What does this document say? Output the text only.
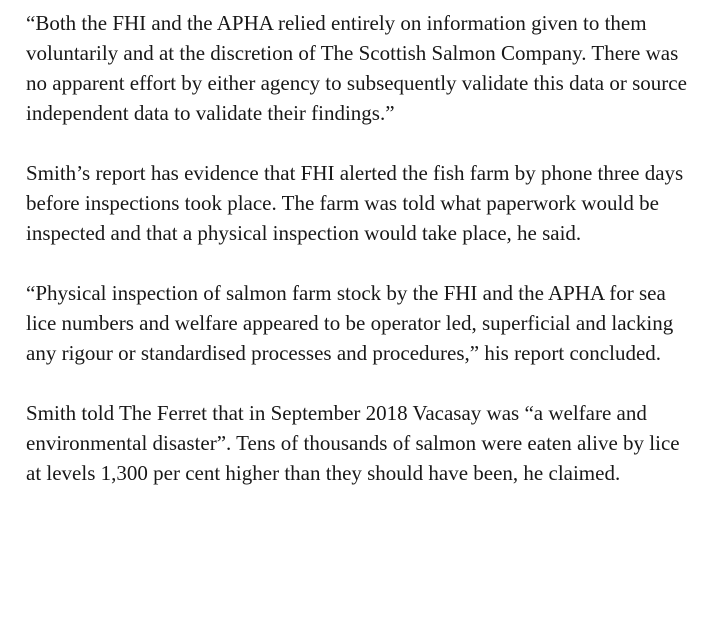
“Both the FHI and the APHA relied entirely on information given to them voluntarily and at the discretion of The Scottish Salmon Company. There was no apparent effort by either agency to subsequently validate this data or source independent data to validate their findings.”

Smith’s report has evidence that FHI alerted the fish farm by phone three days before inspections took place. The farm was told what paperwork would be inspected and that a physical inspection would take place, he said.

“Physical inspection of salmon farm stock by the FHI and the APHA for sea lice numbers and welfare appeared to be operator led, superficial and lacking any rigour or standardised processes and procedures,” his report concluded.

Smith told The Ferret that in September 2018 Vacasay was “a welfare and environmental disaster”. Tens of thousands of salmon were eaten alive by lice at levels 1,300 per cent higher than they should have been, he claimed.
